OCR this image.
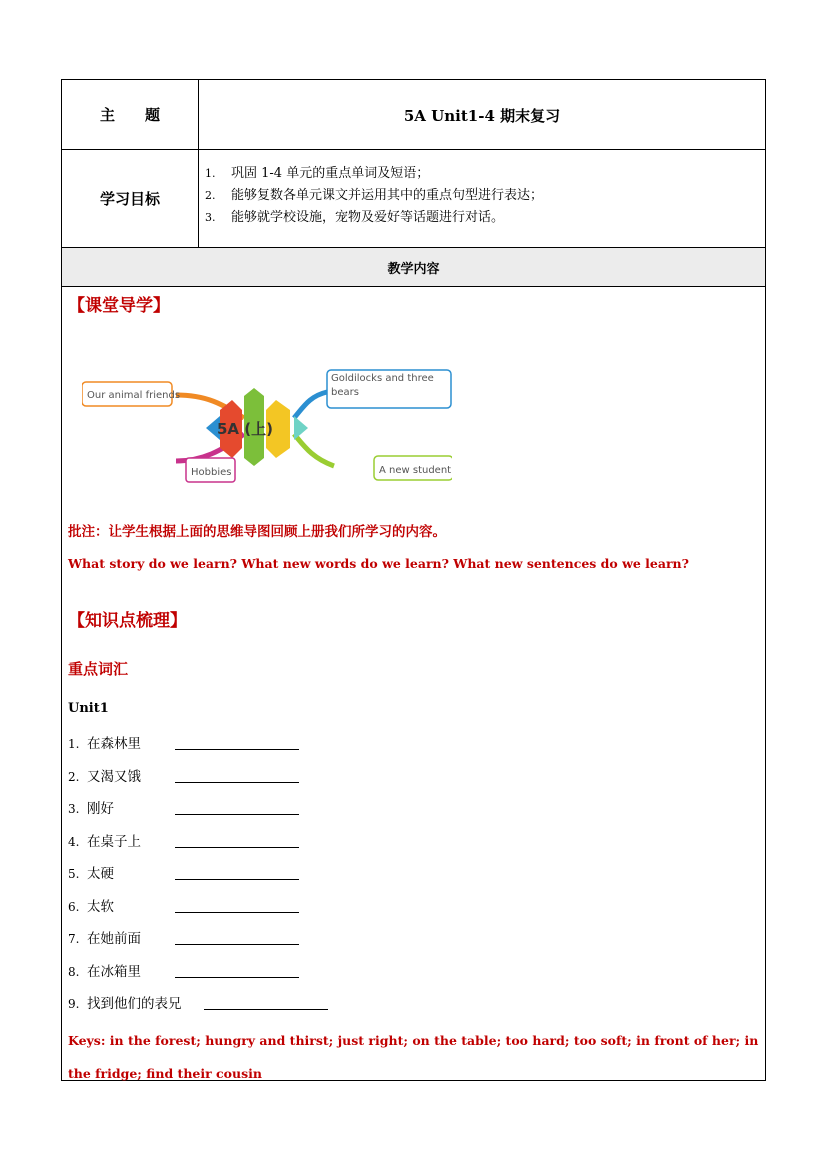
主　　题	5A Unit1-4 期末复习
学习目标
1. 巩固 1-4 单元的重点单词及短语；
2. 能够复数各单元课文并运用其中的重点句型进行表达；
3. 能够就学校设施，宠物及爱好等话题进行对话。
教学内容
【课堂导学】
5A (上)
Our animal friends
Goldilocks and three bears
Hobbies	A new student
批注：让学生根据上面的思维导图回顾上册我们所学习的内容。
What story do we learn? What new words do we learn? What new sentences do we learn?
【知识点梳理】
重点词汇
Unit1
1. 在森林里
2. 又渴又饿
3. 刚好
4. 在桌子上
5. 太硬
6. 太软
7. 在她前面
8. 在冰箱里
9. 找到他们的表兄
Keys: in the forest; hungry and thirst; just right; on the table; too hard; too soft; in front of her; in the fridge; find their cousin
